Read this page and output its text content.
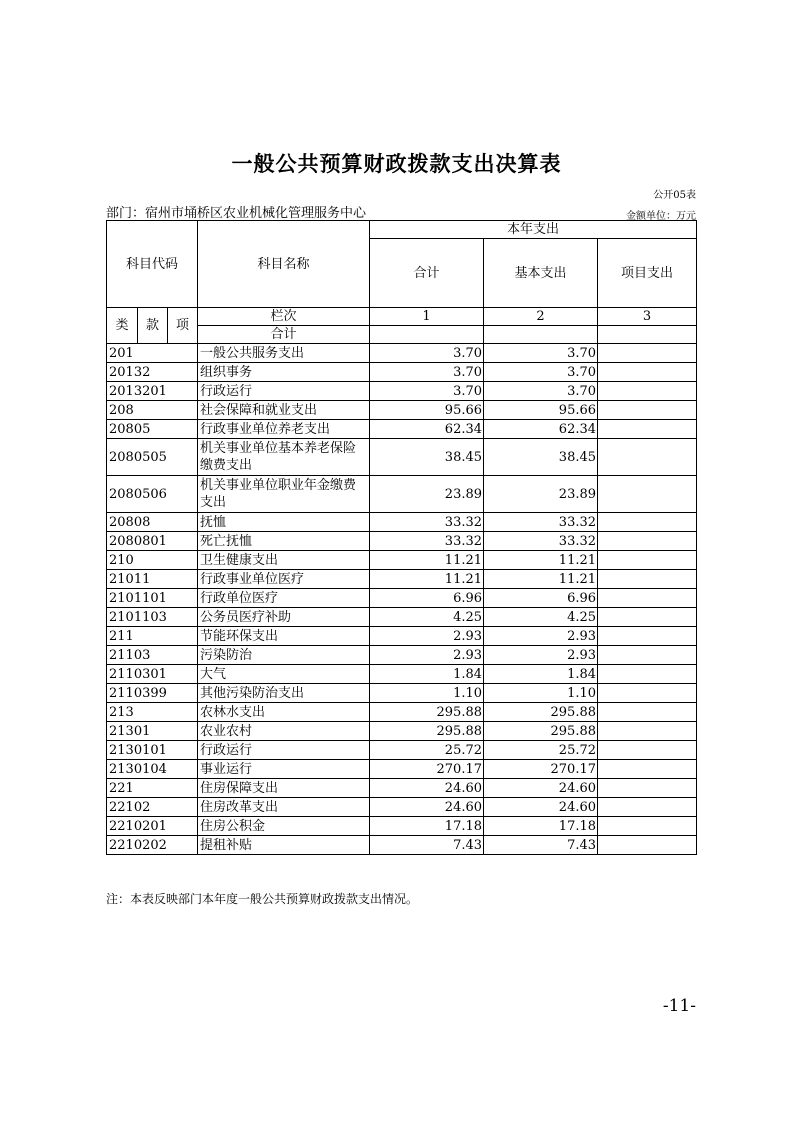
一般公共预算财政拨款支出决算表
公开05表
部门：宿州市埇桥区农业机械化管理服务中心	金额单位：万元
科目代码			科目名称	本年支出		
				合计	基本支出	项目支出
类	款	项	栏次	1	2	3
			合计			
201			一般公共服务支出	3.70	3.70	
20132			组织事务	3.70	3.70	
2013201			行政运行	3.70	3.70	
208			社会保障和就业支出	95.66	95.66	
20805			行政事业单位养老支出	62.34	62.34	
2080505			机关事业单位基本养老保险缴费支出	38.45	38.45	
2080506			机关事业单位职业年金缴费支出	23.89	23.89	
20808			抚恤	33.32	33.32	
2080801			死亡抚恤	33.32	33.32	
210			卫生健康支出	11.21	11.21	
21011			行政事业单位医疗	11.21	11.21	
2101101			行政单位医疗	6.96	6.96	
2101103			公务员医疗补助	4.25	4.25	
211			节能环保支出	2.93	2.93	
21103			污染防治	2.93	2.93	
2110301			大气	1.84	1.84	
2110399			其他污染防治支出	1.10	1.10	
213			农林水支出	295.88	295.88	
21301			农业农村	295.88	295.88	
2130101			行政运行	25.72	25.72	
2130104			事业运行	270.17	270.17	
221			住房保障支出	24.60	24.60	
22102			住房改革支出	24.60	24.60	
2210201			住房公积金	17.18	17.18	
2210202			提租补贴	7.43	7.43	
注：本表反映部门本年度一般公共预算财政拨款支出情况。
-11-
